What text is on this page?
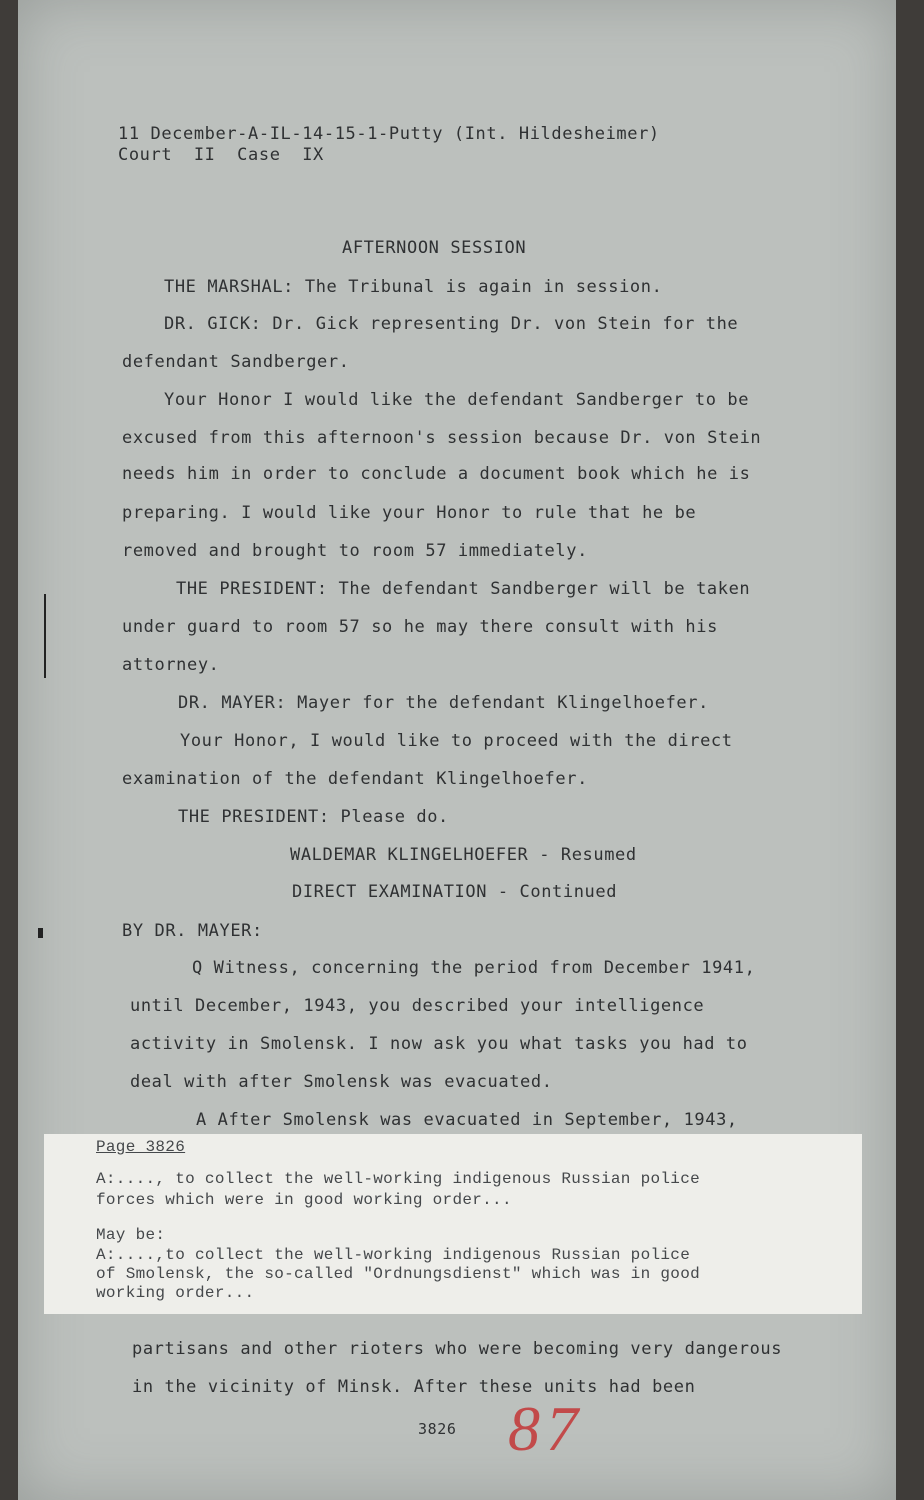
11 December-A-IL-14-15-1-Putty (Int. Hildesheimer)
Court  II  Case  IX
AFTERNOON SESSION
THE MARSHAL: The Tribunal is again in session.
DR. GICK: Dr. Gick representing Dr. von Stein for the
defendant Sandberger.
Your Honor I would like the defendant Sandberger to be
excused from this afternoon's session because Dr. von Stein
needs him in order to conclude a document book which he is
preparing. I would like your Honor to rule that he be
removed and brought to room 57 immediately.
THE PRESIDENT: The defendant Sandberger will be taken
under guard to room 57 so he may there consult with his
attorney.
DR. MAYER: Mayer for the defendant Klingelhoefer.
Your Honor, I would like to proceed with the direct
examination of the defendant Klingelhoefer.
THE PRESIDENT: Please do.
WALDEMAR KLINGELHOEFER - Resumed
DIRECT EXAMINATION - Continued
BY DR. MAYER:
Q Witness, concerning the period from December 1941,
until December, 1943, you described your intelligence
activity in Smolensk. I now ask you what tasks you had to
deal with after Smolensk was evacuated.
A After Smolensk was evacuated in September, 1943,
Page 3826
A:...., to collect the well-working indigenous Russian police
forces which were in good working order...
May be:
A:....,to collect the well-working indigenous Russian police
of Smolensk, the so-called "Ordnungsdienst" which was in good
working order...
partisans and other rioters who were becoming very dangerous
in the vicinity of Minsk. After these units had been
3826 87
